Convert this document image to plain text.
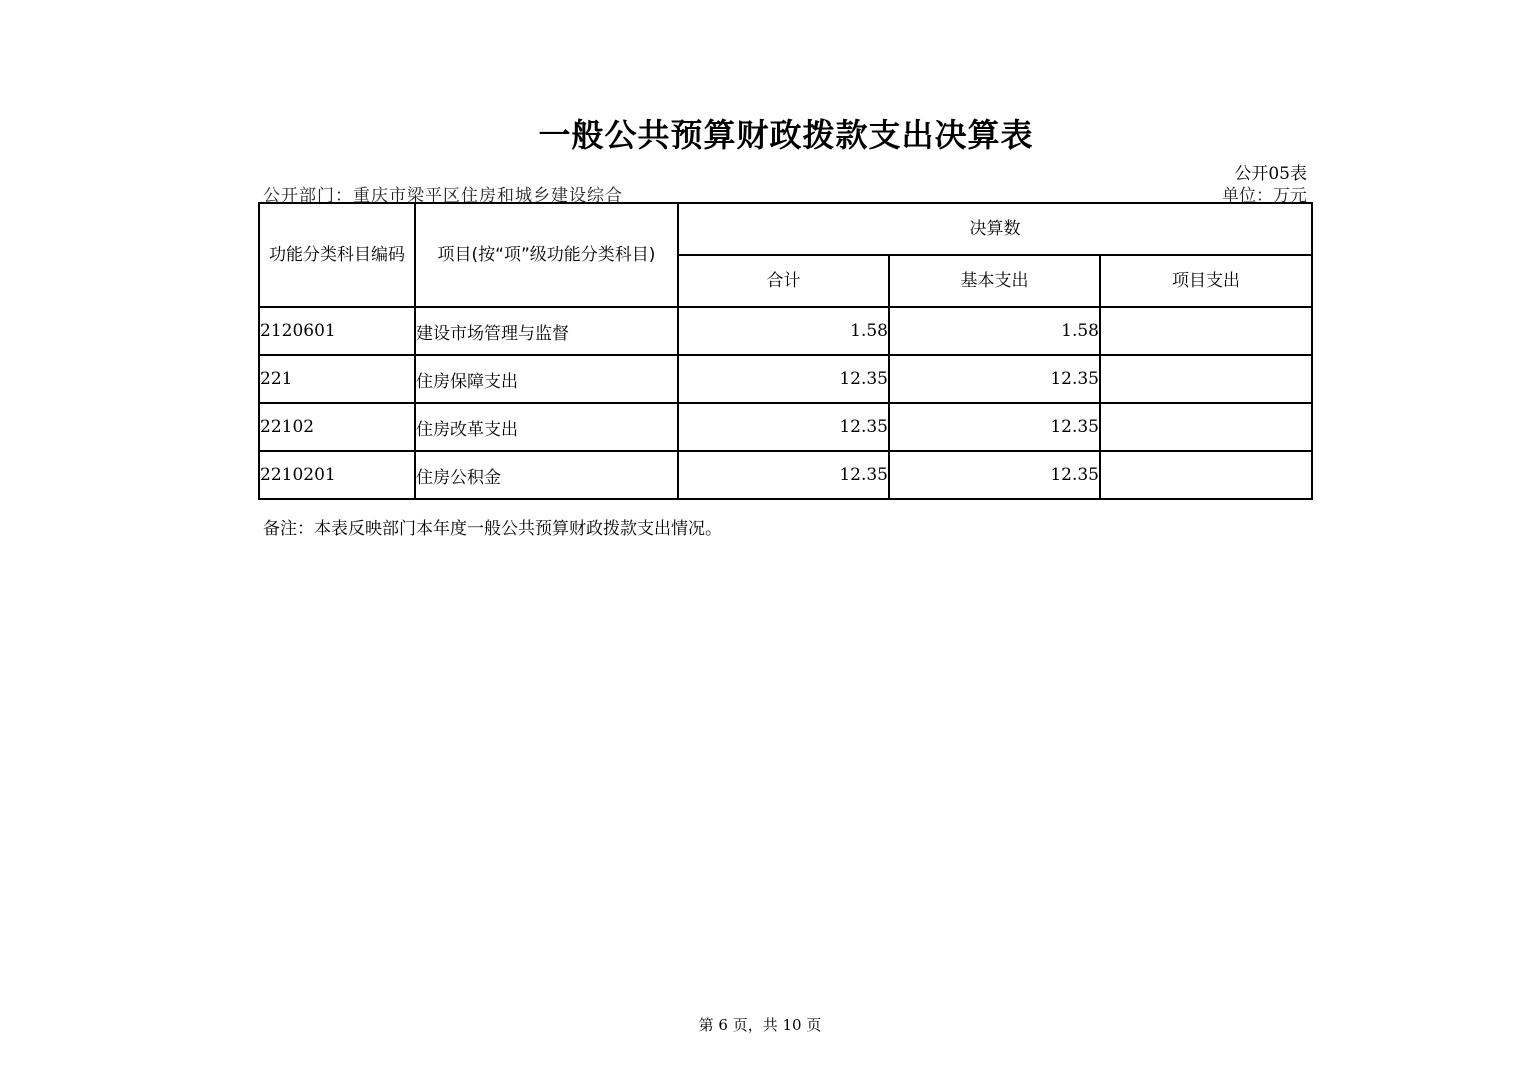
一般公共预算财政拨款支出决算表
公开05表
公开部门：重庆市梁平区住房和城乡建设综合	单位：万元
功能分类科目编码	项目(按“项”级功能分类科目)	决算数		
		合计	基本支出	项目支出
2120601	建设市场管理与监督	1.58	1.58	
221	住房保障支出	12.35	12.35	
22102	住房改革支出	12.35	12.35	
2210201	住房公积金	12.35	12.35	
备注：本表反映部门本年度一般公共预算财政拨款支出情况。
第 6 页，共 10 页
